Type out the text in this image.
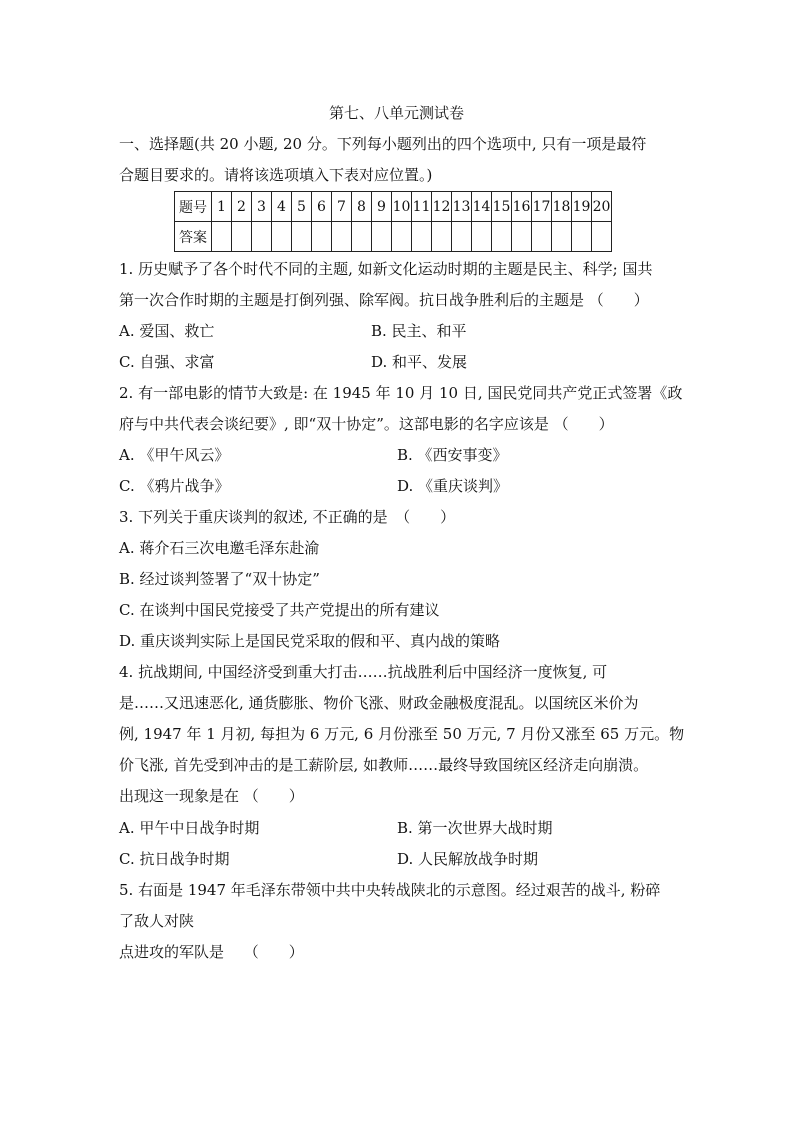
第七、八单元测试卷
一、选择题(共 20 小题, 20 分。下列每小题列出的四个选项中, 只有一项是最符
合题目要求的。请将该选项填入下表对应位置。)
题号	1	2	3	4	5	6	7	8	9	10	11	12	13	14	15	16	17	18	19	20
答案																				
1. 历史赋予了各个时代不同的主题, 如新文化运动时期的主题是民主、科学; 国共
第一次合作时期的主题是打倒列强、除军阀。抗日战争胜利后的主题是 （　　）
A. 爱国、救亡	B. 民主、和平
C. 自强、求富	D. 和平、发展
2. 有一部电影的情节大致是: 在 1945 年 10 月 10 日, 国民党同共产党正式签署《政
府与中共代表会谈纪要》, 即“双十协定”。这部电影的名字应该是 （　　）
A. 《甲午风云》	B. 《西安事变》
C. 《鸦片战争》	D. 《重庆谈判》
3. 下列关于重庆谈判的叙述, 不正确的是　（　　）
A. 蒋介石三次电邀毛泽东赴渝
B. 经过谈判签署了“双十协定”
C. 在谈判中国民党接受了共产党提出的所有建议
D. 重庆谈判实际上是国民党采取的假和平、真内战的策略
4. 抗战期间, 中国经济受到重大打击……抗战胜利后中国经济一度恢复, 可
是……又迅速恶化, 通货膨胀、物价飞涨、财政金融极度混乱。以国统区米价为
例, 1947 年 1 月初, 每担为 6 万元, 6 月份涨至 50 万元, 7 月份又涨至 65 万元。物
价飞涨, 首先受到冲击的是工薪阶层, 如教师……最终导致国统区经济走向崩溃。
出现这一现象是在 （　　）
A. 甲午中日战争时期	B. 第一次世界大战时期
C. 抗日战争时期	D. 人民解放战争时期
5. 右面是 1947 年毛泽东带领中共中央转战陕北的示意图。经过艰苦的战斗, 粉碎
了敌人对陕
点进攻的军队是　 （　　）
